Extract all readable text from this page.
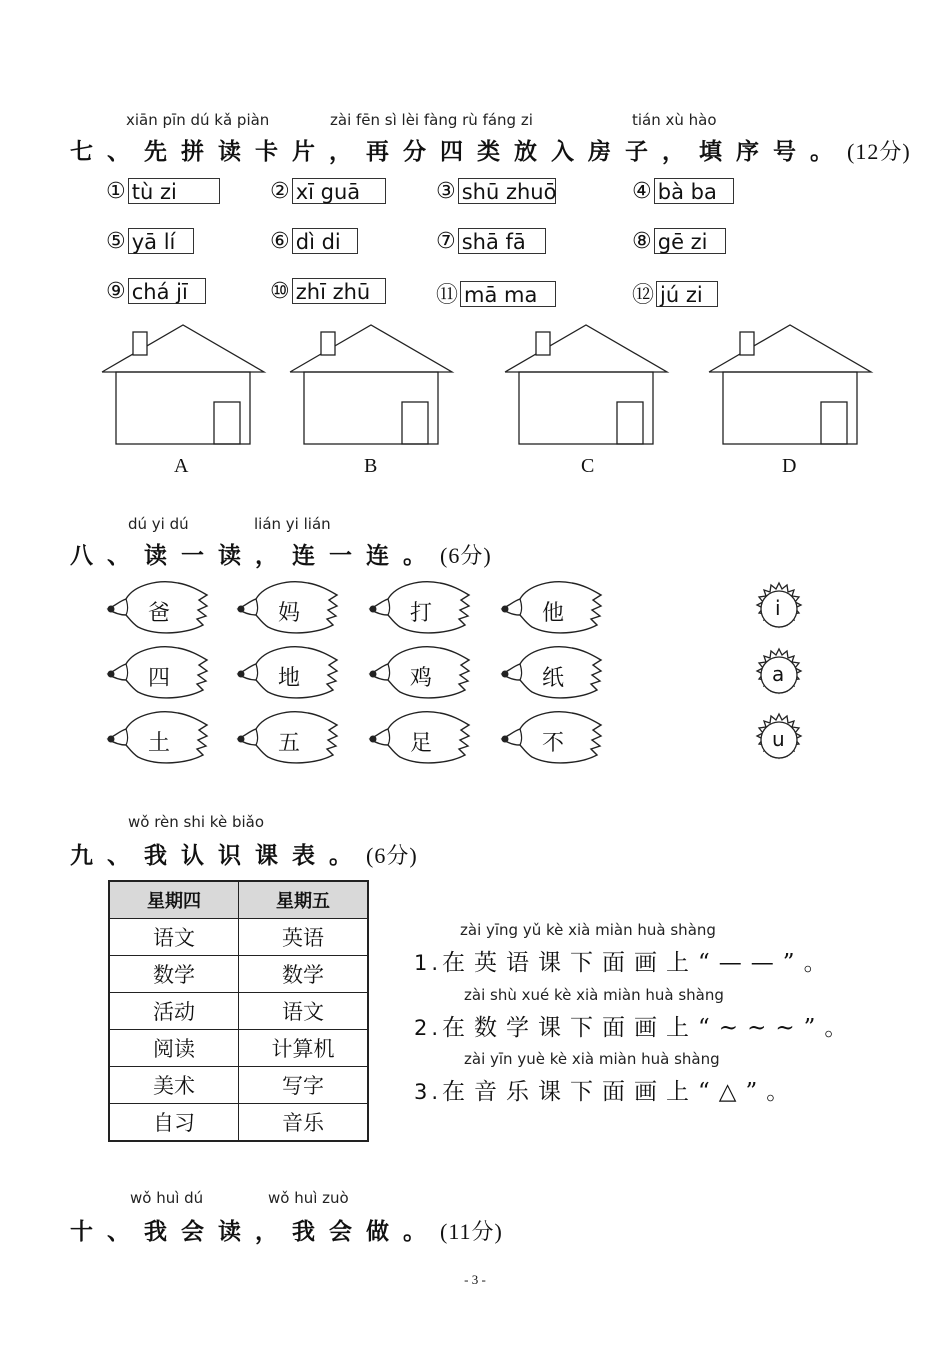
xiān pīn dú kǎ piàn	zài fēn sì lèi fàng rù fáng zi	tián xù hào
七、先拼读卡片，再分四类放入房子，填序号。(12分)
① tù zi	② xī guā	③ shū zhuō	④ bà ba
⑤ yā lí	⑥ dì di	⑦ shā fā	⑧ gē zi
⑨ chá jī	⑩ zhī zhū	⑪ mā ma	⑫ jú zi
A	B	C	D
dú yi dú	lián yi lián
八、读一读，连一连。(6分)
爸	妈	打	他
四	地	鸡	纸
土	五	足	不
i
a
u
wǒ rèn shi kè biǎo
九、我认识课表。(6分)
星期四	星期五
语文	英语
数学	数学
活动	语文
阅读	计算机
美术	写字
自习	音乐
zài yīng yǔ kè xià miàn huà shàng
1.在英语课下面画上“——”。
zài shù xué kè xià miàn huà shàng
2.在数学课下面画上“~~~”。
zài yīn yuè kè xià miàn huà shàng
3.在音乐课下面画上“△”。
wǒ huì dú	wǒ huì zuò
十、我会读，我会做。(11分)
- 3 -
